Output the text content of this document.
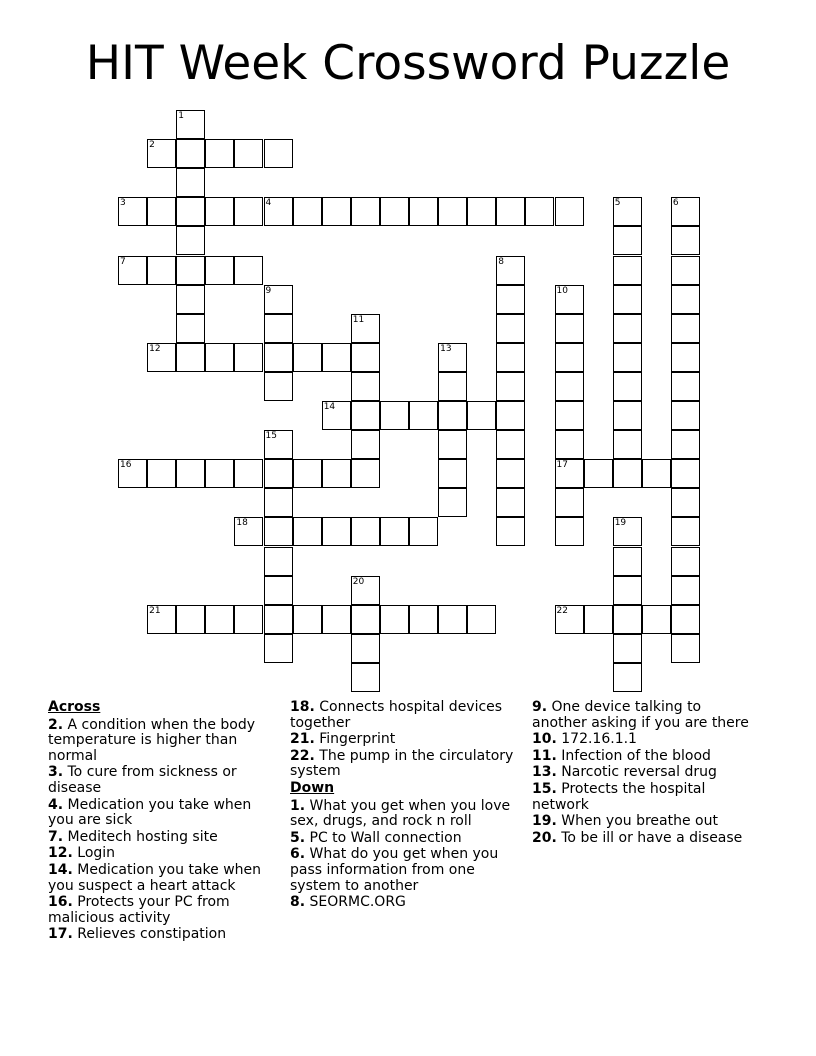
HIT Week Crossword Puzzle
1
2
3	4	5	6
7	8
9	10
11
12	13
14
15
16	17
18	19
20
21	22

Across

2. A condition when the body temperature is higher than normal

3. To cure from sickness or disease

4. Medication you take when you are sick

7. Meditech hosting site

12. Login

14. Medication you take when you suspect a heart attack

16. Protects your PC from malicious activity

17. Relieves constipation

18. Connects hospital devices together

21. Fingerprint

22. The pump in the circulatory system

Down

1. What you get when you love sex, drugs, and rock n roll

5. PC to Wall connection

6. What do you get when you pass information from one system to another

8. SEORMC.ORG

9. One device talking to another asking if you are there

10. 172.16.1.1

11. Infection of the blood

13. Narcotic reversal drug

15. Protects the hospital network

19. When you breathe out

20. To be ill or have a disease
